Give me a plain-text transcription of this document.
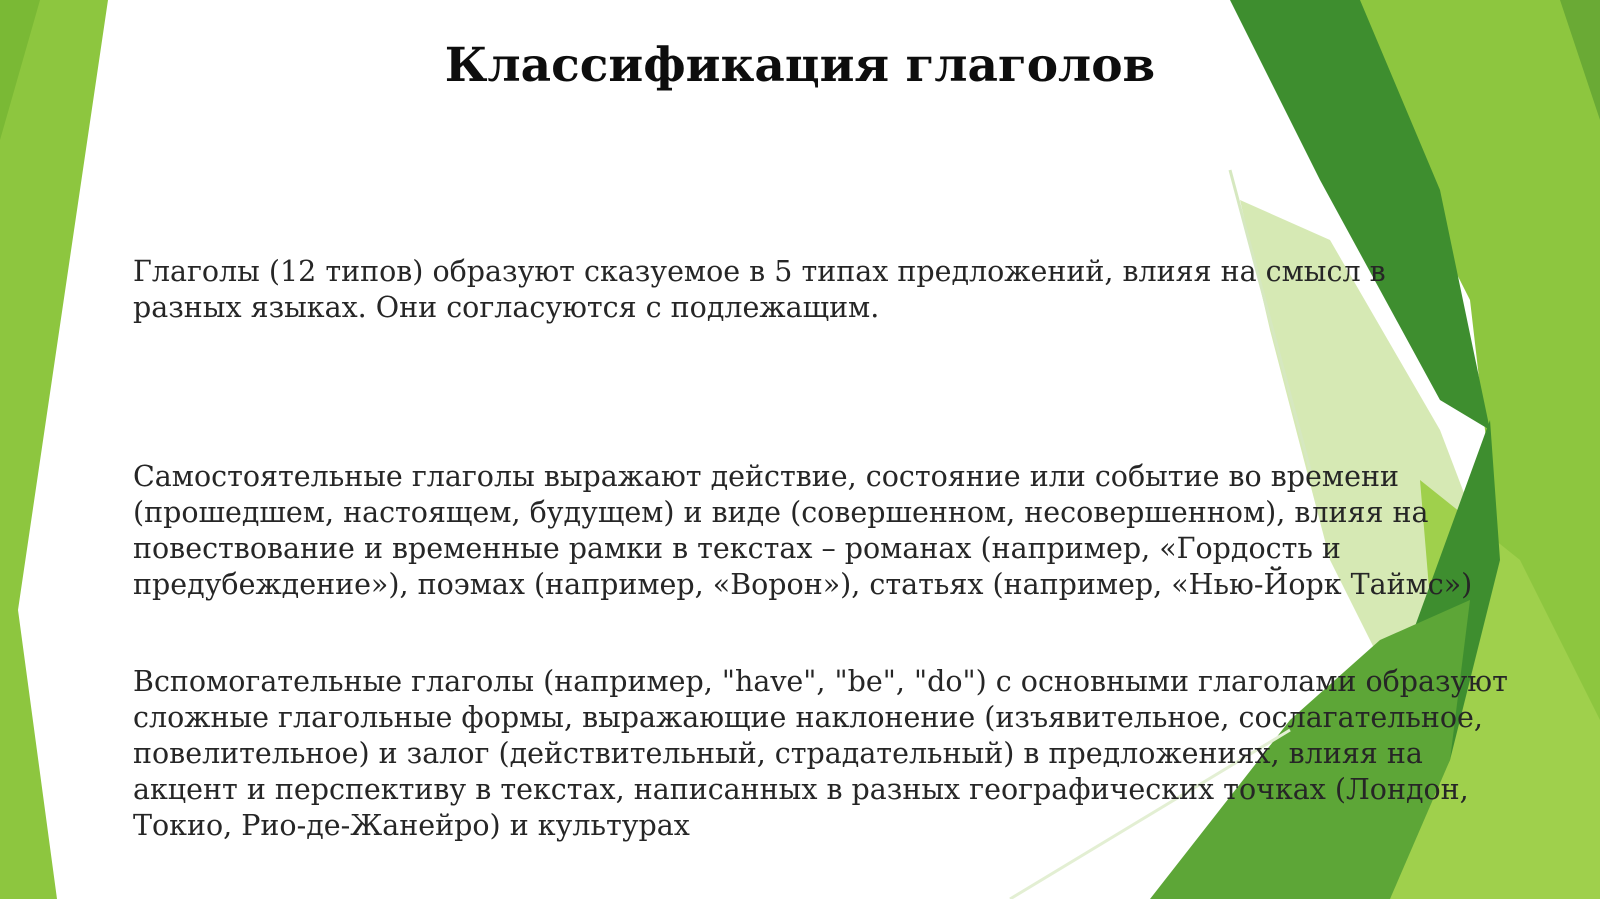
Классификация глаголов

Глаголы (12 типов) образуют сказуемое в 5 типах предложений, влияя на смысл в
разных языках. Они согласуются с подлежащим.

Самостоятельные глаголы выражают действие, состояние или событие во времени
(прошедшем, настоящем, будущем) и виде (совершенном, несовершенном), влияя на
повествование и временные рамки в текстах – романах (например, «Гордость и
предубеждение»), поэмах (например, «Ворон»), статьях (например, «Нью-Йорк Таймс»)

Вспомогательные глаголы (например, "have", "be", "do") с основными глаголами образуют
сложные глагольные формы, выражающие наклонение (изъявительное, сослагательное,
повелительное) и залог (действительный, страдательный) в предложениях, влияя на
акцент и перспективу в текстах, написанных в разных географических точках (Лондон,
Токио, Рио-де-Жанейро) и культурах
